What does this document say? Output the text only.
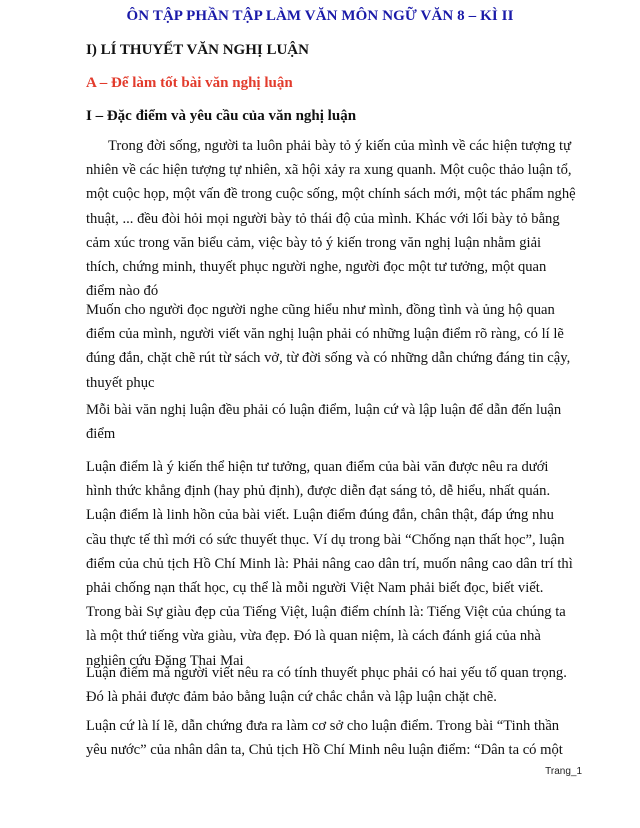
ÔN TẬP PHẦN TẬP LÀM VĂN MÔN NGỮ VĂN 8 – KÌ II
I) LÍ THUYẾT VĂN NGHỊ LUẬN
A – Để làm tốt bài văn nghị luận
I – Đặc điểm và yêu cầu của văn nghị luận
Trong đời sống, người ta luôn phải bày tỏ ý kiến của mình về các hiện tượng tự
nhiên về các hiện tượng tự nhiên, xã hội xảy ra xung quanh. Một cuộc thảo luận tổ,
một cuộc họp, một vấn đề trong cuộc sống, một chính sách mới, một tác phẩm nghệ
thuật, ... đều đòi hỏi mọi người bày tỏ thái độ của mình. Khác với lối bày tỏ bằng
cảm xúc trong văn biểu cảm, việc bày tỏ ý kiến trong văn nghị luận nhằm giải
thích, chứng minh, thuyết phục người nghe, người đọc một tư tưởng, một quan
điểm nào đó
Muốn cho người đọc người nghe cũng hiểu như mình, đồng tình và ủng hộ quan
điểm của mình, người viết văn nghị luận phải có những luận điểm rõ ràng, có lí lẽ
đúng đắn, chặt chẽ rút từ sách vở, từ đời sống và có những dẫn chứng đáng tin cậy,
thuyết phục
Mỗi bài văn nghị luận đều phải có luận điểm, luận cứ và lập luận để dẫn đến luận
điểm
Luận điểm là ý kiến thể hiện tư tưởng, quan điểm của bài văn được nêu ra dưới
hình thức khẳng định (hay phủ định), được diễn đạt sáng tỏ, dễ hiểu, nhất quán.
Luận điểm là linh hồn của bài viết. Luận điểm đúng đắn, chân thật, đáp ứng nhu
cầu thực tế thì mới có sức thuyết thục. Ví dụ trong bài “Chống nạn thất học”, luận
điểm của chủ tịch Hồ Chí Minh là: Phải nâng cao dân trí, muốn nâng cao dân trí thì
phải chống nạn thất học, cụ thể là mỗi người Việt Nam phải biết đọc, biết viết.
Trong bài Sự giàu đẹp của Tiếng Việt, luận điểm chính là: Tiếng Việt của chúng ta
là một thứ tiếng vừa giàu, vừa đẹp. Đó là quan niệm, là cách đánh giá của nhà
nghiên cứu Đặng Thai Mai
Luận điểm mà người viết nêu ra có tính thuyết phục phải có hai yếu tố quan trọng.
Đó là phải được đảm bảo bằng luận cứ chắc chắn và lập luận chặt chẽ.
Luận cứ là lí lẽ, dẫn chứng đưa ra làm cơ sở cho luận điểm. Trong bài “Tinh thần
yêu nước” của nhân dân ta, Chủ tịch Hồ Chí Minh nêu luận điểm: “Dân ta có một
Trang_1
